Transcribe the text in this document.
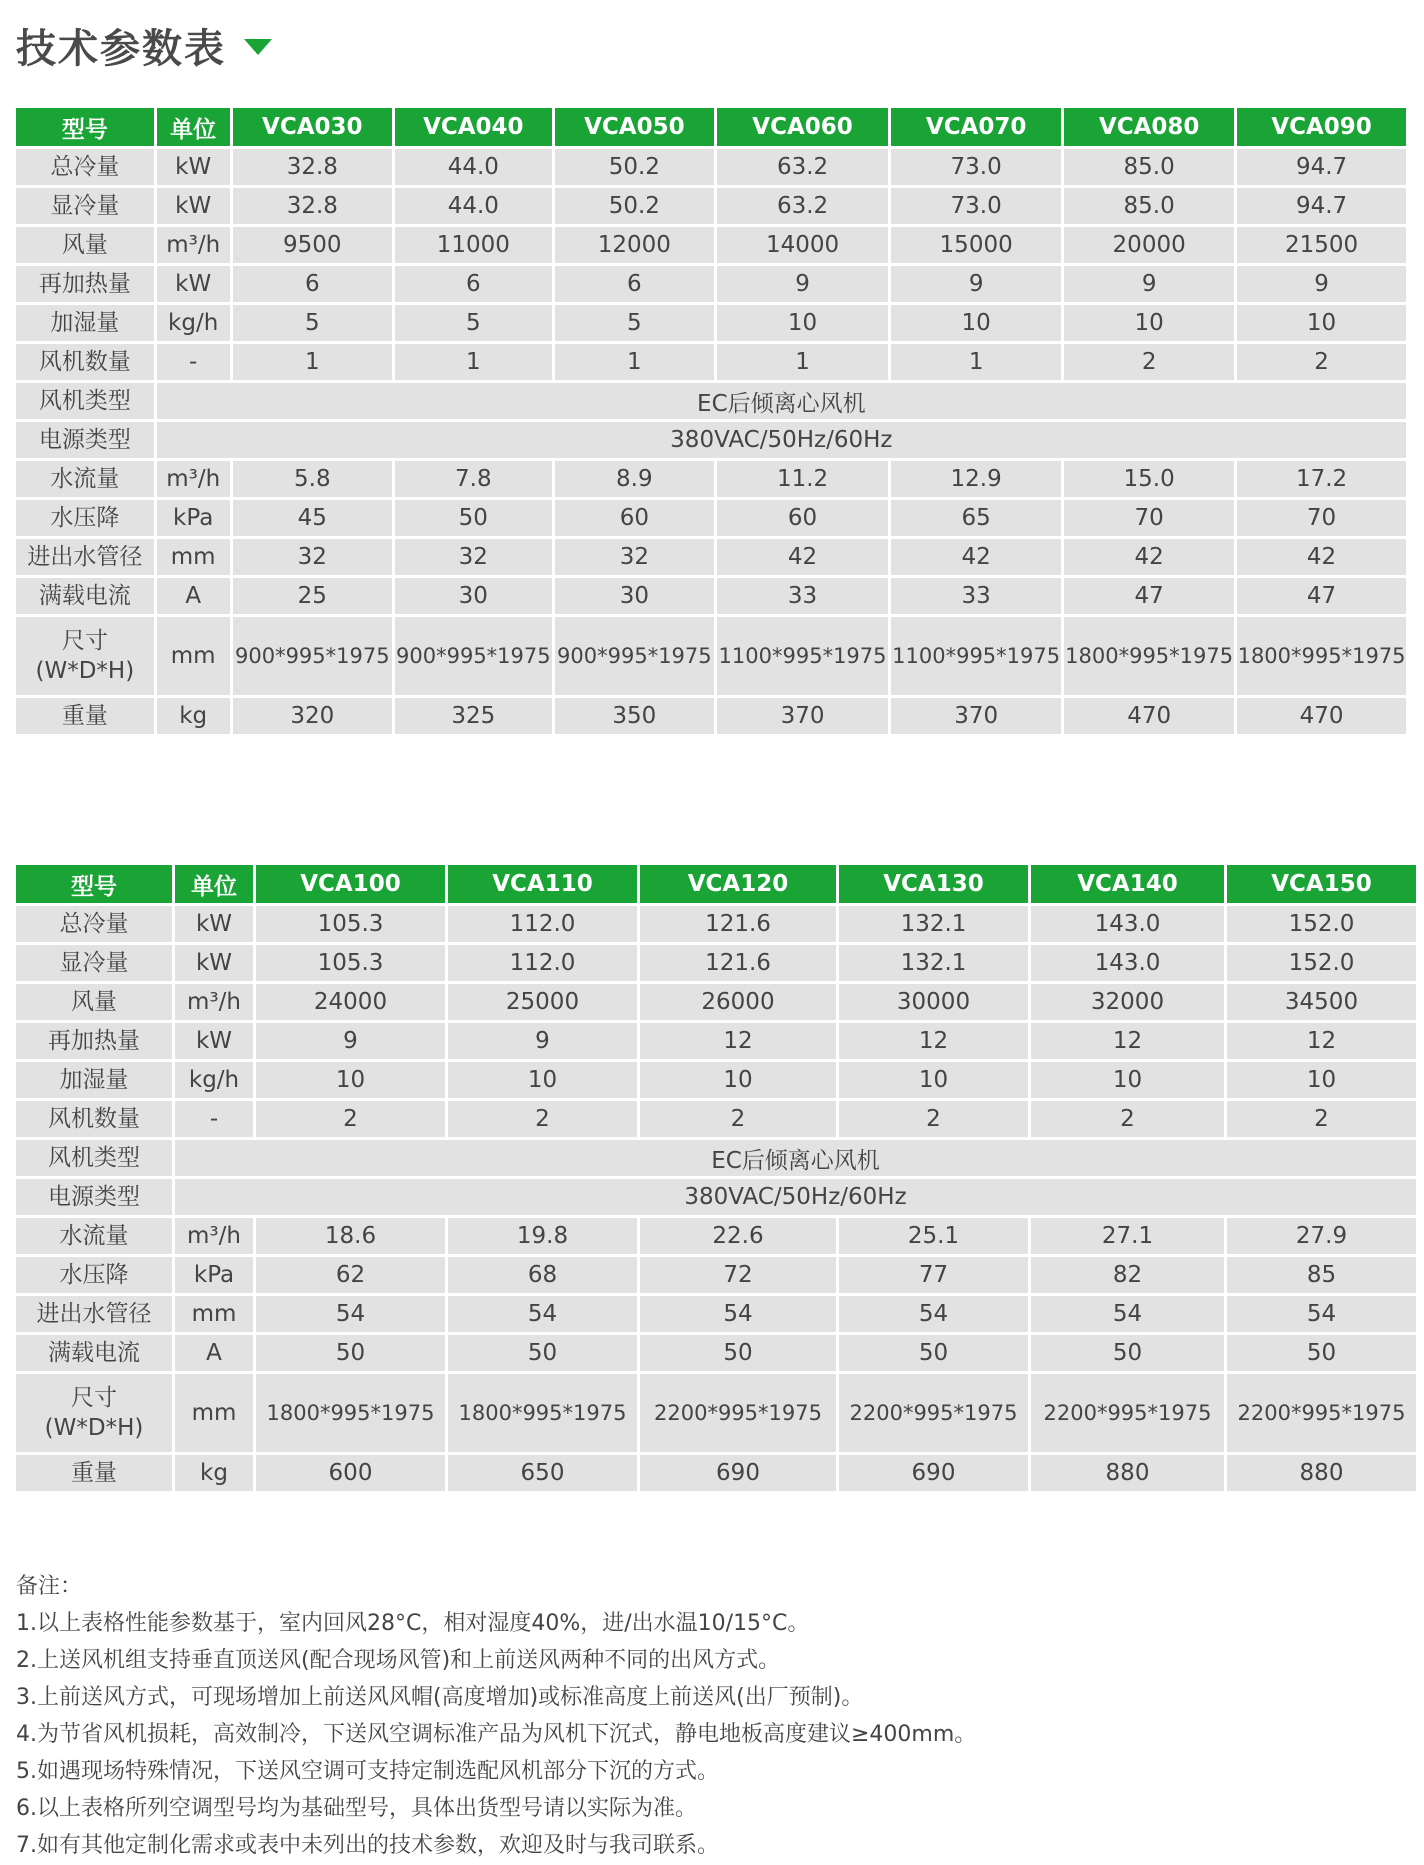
技术参数表
型号	单位	VCA030	VCA040	VCA050	VCA060	VCA070	VCA080	VCA090
总冷量	kW	32.8	44.0	50.2	63.2	73.0	85.0	94.7
显冷量	kW	32.8	44.0	50.2	63.2	73.0	85.0	94.7
风量	m³/h	9500	11000	12000	14000	15000	20000	21500
再加热量	kW	6	6	6	9	9	9	9
加湿量	kg/h	5	5	5	10	10	10	10
风机数量	-	1	1	1	1	1	2	2
风机类型	EC后倾离心风机							
电源类型	380VAC/50Hz/60Hz							
水流量	m³/h	5.8	7.8	8.9	11.2	12.9	15.0	17.2
水压降	kPa	45	50	60	60	65	70	70
进出水管径	mm	32	32	32	42	42	42	42
满载电流	A	25	30	30	33	33	47	47
尺寸
(W*D*H)	mm	900*995*1975	900*995*1975	900*995*1975	1100*995*1975	1100*995*1975	1800*995*1975	1800*995*1975
重量	kg	320	325	350	370	370	470	470
型号	单位	VCA100	VCA110	VCA120	VCA130	VCA140	VCA150
总冷量	kW	105.3	112.0	121.6	132.1	143.0	152.0
显冷量	kW	105.3	112.0	121.6	132.1	143.0	152.0
风量	m³/h	24000	25000	26000	30000	32000	34500
再加热量	kW	9	9	12	12	12	12
加湿量	kg/h	10	10	10	10	10	10
风机数量	-	2	2	2	2	2	2
风机类型	EC后倾离心风机						
电源类型	380VAC/50Hz/60Hz						
水流量	m³/h	18.6	19.8	22.6	25.1	27.1	27.9
水压降	kPa	62	68	72	77	82	85
进出水管径	mm	54	54	54	54	54	54
满载电流	A	50	50	50	50	50	50
尺寸
(W*D*H)	mm	1800*995*1975	1800*995*1975	2200*995*1975	2200*995*1975	2200*995*1975	2200*995*1975
重量	kg	600	650	690	690	880	880
备注：
1.以上表格性能参数基于，室内回风28°C，相对湿度40%，进/出水温10/15°C。
2.上送风机组支持垂直顶送风(配合现场风管)和上前送风两种不同的出风方式。
3.上前送风方式，可现场增加上前送风风帽(高度增加)或标准高度上前送风(出厂预制)。
4.为节省风机损耗，高效制冷，下送风空调标准产品为风机下沉式，静电地板高度建议≥400mm。
5.如遇现场特殊情况，下送风空调可支持定制选配风机部分下沉的方式。
6.以上表格所列空调型号均为基础型号，具体出货型号请以实际为准。
7.如有其他定制化需求或表中未列出的技术参数，欢迎及时与我司联系。
